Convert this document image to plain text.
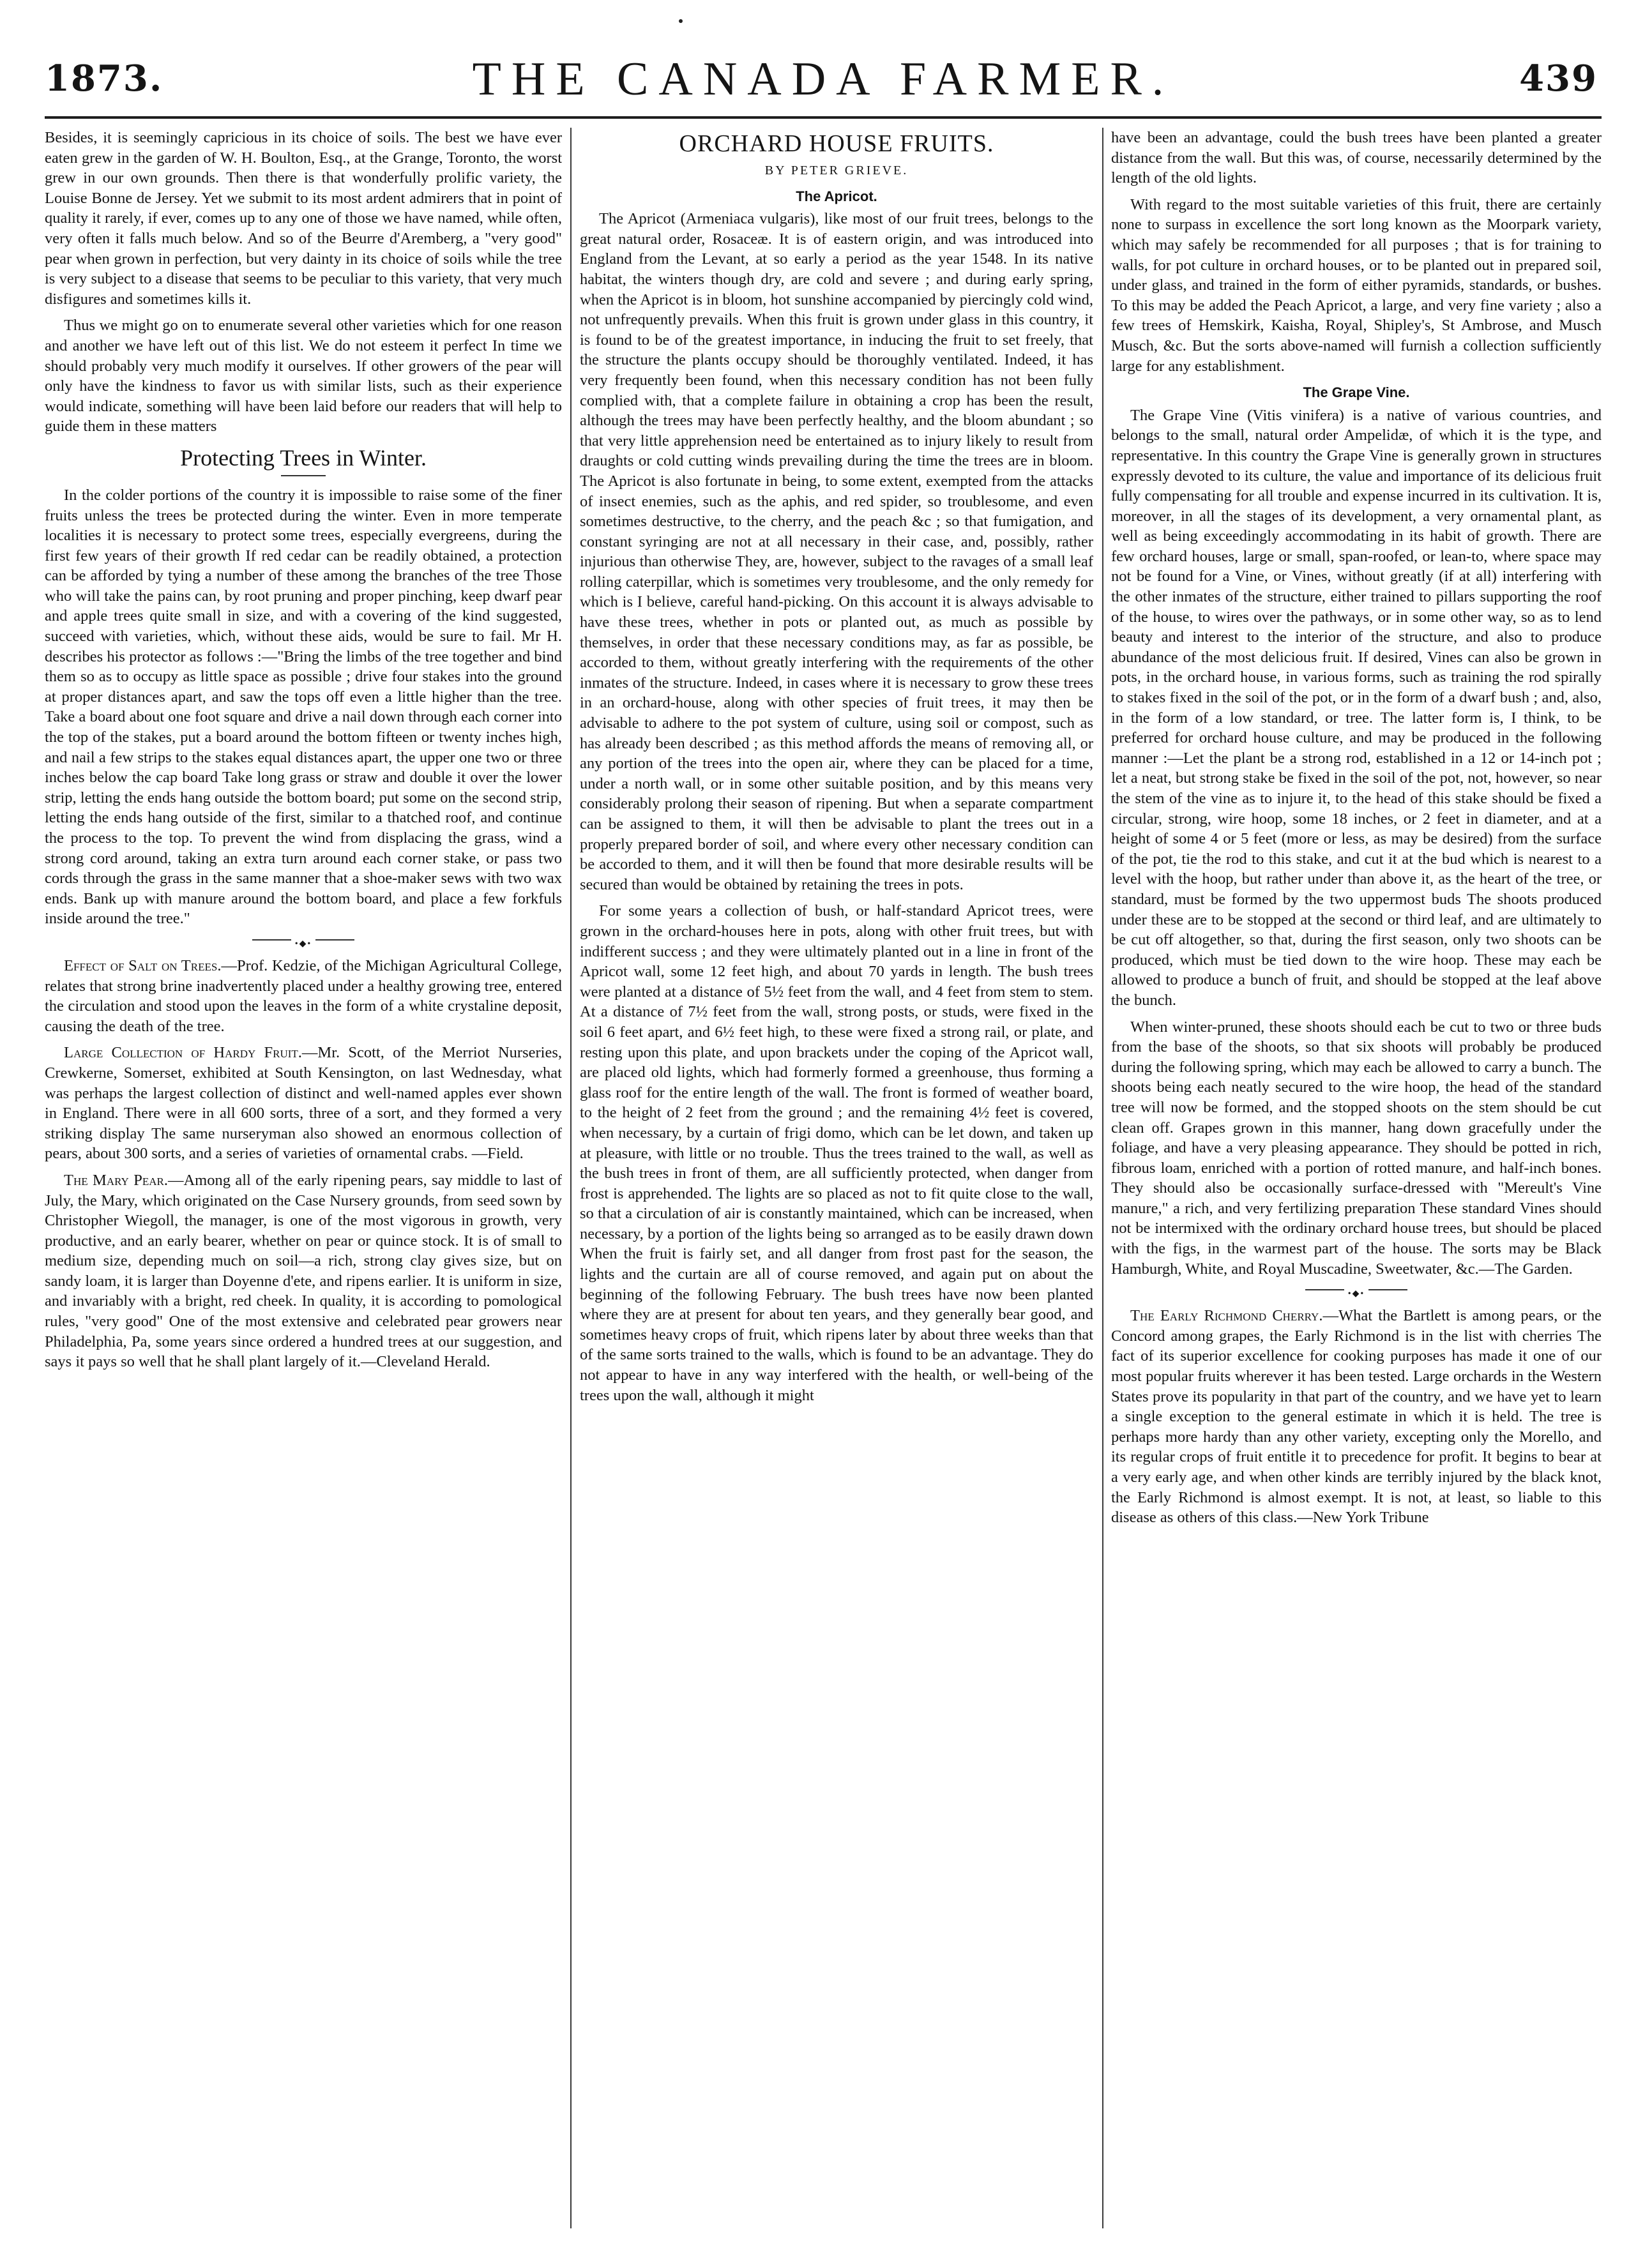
1873.	THE CANADA FARMER.	439

Besides, it is seemingly capricious in its choice of soils. The best we have ever eaten grew in the garden of W. H. Boulton, Esq., at the Grange, Toronto, the worst grew in our own grounds. Then there is that wonderfully prolific variety, the Louise Bonne de Jersey. Yet we submit to its most ardent admirers that in point of quality it rarely, if ever, comes up to any one of those we have named, while often, very often it falls much below. And so of the Beurre d'Aremberg, a "very good" pear when grown in perfection, but very dainty in its choice of soils while the tree is very subject to a disease that seems to be peculiar to this variety, that very much disfigures and sometimes kills it.

Thus we might go on to enumerate several other varieties which for one reason and another we have left out of this list. We do not esteem it perfect In time we should probably very much modify it ourselves. If other growers of the pear will only have the kindness to favor us with similar lists, such as their experience would indicate, something will have been laid before our readers that will help to guide them in these matters

Protecting Trees in Winter.

In the colder portions of the country it is impossible to raise some of the finer fruits unless the trees be protected during the winter. Even in more temperate localities it is necessary to protect some trees, especially evergreens, during the first few years of their growth If red cedar can be readily obtained, a protection can be afforded by tying a number of these among the branches of the tree Those who will take the pains can, by root pruning and proper pinching, keep dwarf pear and apple trees quite small in size, and with a covering of the kind suggested, succeed with varieties, which, without these aids, would be sure to fail. Mr H. describes his protector as follows :—"Bring the limbs of the tree together and bind them so as to occupy as little space as possible ; drive four stakes into the ground at proper distances apart, and saw the tops off even a little higher than the tree. Take a board about one foot square and drive a nail down through each corner into the top of the stakes, put a board around the bottom fifteen or twenty inches high, and nail a few strips to the stakes equal distances apart, the upper one two or three inches below the cap board Take long grass or straw and double it over the lower strip, letting the ends hang outside the bottom board; put some on the second strip, letting the ends hang outside of the first, similar to a thatched roof, and continue the process to the top. To prevent the wind from displacing the grass, wind a strong cord around, taking an extra turn around each corner stake, or pass two cords through the grass in the same manner that a shoe-maker sews with two wax ends. Bank up with manure around the bottom board, and place a few forkfuls inside around the tree."

•◆•

Effect of Salt on Trees.—Prof. Kedzie, of the Michigan Agricultural College, relates that strong brine inadvertently placed under a healthy growing tree, entered the circulation and stood upon the leaves in the form of a white crystaline deposit, causing the death of the tree.

Large Collection of Hardy Fruit.—Mr. Scott, of the Merriot Nurseries, Crewkerne, Somerset, exhibited at South Kensington, on last Wednesday, what was perhaps the largest collection of distinct and well-named apples ever shown in England. There were in all 600 sorts, three of a sort, and they formed a very striking display The same nurseryman also showed an enormous collection of pears, about 300 sorts, and a series of varieties of ornamental crabs. —Field.

The Mary Pear.—Among all of the early ripening pears, say middle to last of July, the Mary, which originated on the Case Nursery grounds, from seed sown by Christopher Wiegoll, the manager, is one of the most vigorous in growth, very productive, and an early bearer, whether on pear or quince stock. It is of small to medium size, depending much on soil—a rich, strong clay gives size, but on sandy loam, it is larger than Doyenne d'ete, and ripens earlier. It is uniform in size, and invariably with a bright, red cheek. In quality, it is according to pomological rules, "very good" One of the most extensive and celebrated pear growers near Philadelphia, Pa, some years since ordered a hundred trees at our suggestion, and says it pays so well that he shall plant largely of it.—Cleveland Herald.

ORCHARD HOUSE FRUITS.
BY PETER GRIEVE.
The Apricot.

The Apricot (Armeniaca vulgaris), like most of our fruit trees, belongs to the great natural order, Rosaceæ. It is of eastern origin, and was introduced into England from the Levant, at so early a period as the year 1548. In its native habitat, the winters though dry, are cold and severe ; and during early spring, when the Apricot is in bloom, hot sunshine accompanied by piercingly cold wind, not unfrequently prevails. When this fruit is grown under glass in this country, it is found to be of the greatest importance, in inducing the fruit to set freely, that the structure the plants occupy should be thoroughly ventilated. Indeed, it has very frequently been found, when this necessary condition has not been fully complied with, that a complete failure in obtaining a crop has been the result, although the trees may have been perfectly healthy, and the bloom abundant ; so that very little apprehension need be entertained as to injury likely to result from draughts or cold cutting winds prevailing during the time the trees are in bloom. The Apricot is also fortunate in being, to some extent, exempted from the attacks of insect enemies, such as the aphis, and red spider, so troublesome, and even sometimes destructive, to the cherry, and the peach &c ; so that fumigation, and constant syringing are not at all necessary in their case, and, possibly, rather injurious than otherwise They, are, however, subject to the ravages of a small leaf rolling caterpillar, which is sometimes very troublesome, and the only remedy for which is I believe, careful hand-picking. On this account it is always advisable to have these trees, whether in pots or planted out, as much as possible by themselves, in order that these necessary conditions may, as far as possible, be accorded to them, without greatly interfering with the requirements of the other inmates of the structure. Indeed, in cases where it is necessary to grow these trees in an orchard-house, along with other species of fruit trees, it may then be advisable to adhere to the pot system of culture, using soil or compost, such as has already been described ; as this method affords the means of removing all, or any portion of the trees into the open air, where they can be placed for a time, under a north wall, or in some other suitable position, and by this means very considerably prolong their season of ripening. But when a separate compartment can be assigned to them, it will then be advisable to plant the trees out in a properly prepared border of soil, and where every other necessary condition can be accorded to them, and it will then be found that more desirable results will be secured than would be obtained by retaining the trees in pots.

For some years a collection of bush, or half-standard Apricot trees, were grown in the orchard-houses here in pots, along with other fruit trees, but with indifferent success ; and they were ultimately planted out in a line in front of the Apricot wall, some 12 feet high, and about 70 yards in length. The bush trees were planted at a distance of 5½ feet from the wall, and 4 feet from stem to stem. At a distance of 7½ feet from the wall, strong posts, or studs, were fixed in the soil 6 feet apart, and 6½ feet high, to these were fixed a strong rail, or plate, and resting upon this plate, and upon brackets under the coping of the Apricot wall, are placed old lights, which had formerly formed a greenhouse, thus forming a glass roof for the entire length of the wall. The front is formed of weather board, to the height of 2 feet from the ground ; and the remaining 4½ feet is covered, when necessary, by a curtain of frigi domo, which can be let down, and taken up at pleasure, with little or no trouble. Thus the trees trained to the wall, as well as the bush trees in front of them, are all sufficiently protected, when danger from frost is apprehended. The lights are so placed as not to fit quite close to the wall, so that a circulation of air is constantly maintained, which can be increased, when necessary, by a portion of the lights being so arranged as to be easily drawn down When the fruit is fairly set, and all danger from frost past for the season, the lights and the curtain are all of course removed, and again put on about the beginning of the following February. The bush trees have now been planted where they are at present for about ten years, and they generally bear good, and sometimes heavy crops of fruit, which ripens later by about three weeks than that of the same sorts trained to the walls, which is found to be an advantage. They do not appear to have in any way interfered with the health, or well-being of the trees upon the wall, although it might

have been an advantage, could the bush trees have been planted a greater distance from the wall. But this was, of course, necessarily determined by the length of the old lights.

With regard to the most suitable varieties of this fruit, there are certainly none to surpass in excellence the sort long known as the Moorpark variety, which may safely be recommended for all purposes ; that is for training to walls, for pot culture in orchard houses, or to be planted out in prepared soil, under glass, and trained in the form of either pyramids, standards, or bushes. To this may be added the Peach Apricot, a large, and very fine variety ; also a few trees of Hemskirk, Kaisha, Royal, Shipley's, St Ambrose, and Musch Musch, &c. But the sorts above-named will furnish a collection sufficiently large for any establishment.

The Grape Vine.

The Grape Vine (Vitis vinifera) is a native of various countries, and belongs to the small, natural order Ampelidæ, of which it is the type, and representative. In this country the Grape Vine is generally grown in structures expressly devoted to its culture, the value and importance of its delicious fruit fully compensating for all trouble and expense incurred in its cultivation. It is, moreover, in all the stages of its development, a very ornamental plant, as well as being exceedingly accommodating in its habit of growth. There are few orchard houses, large or small, span-roofed, or lean-to, where space may not be found for a Vine, or Vines, without greatly (if at all) interfering with the other inmates of the structure, either trained to pillars supporting the roof of the house, to wires over the pathways, or in some other way, so as to lend beauty and interest to the interior of the structure, and also to produce abundance of the most delicious fruit. If desired, Vines can also be grown in pots, in the orchard house, in various forms, such as training the rod spirally to stakes fixed in the soil of the pot, or in the form of a dwarf bush ; and, also, in the form of a low standard, or tree. The latter form is, I think, to be preferred for orchard house culture, and may be produced in the following manner :—Let the plant be a strong rod, established in a 12 or 14-inch pot ; let a neat, but strong stake be fixed in the soil of the pot, not, however, so near the stem of the vine as to injure it, to the head of this stake should be fixed a circular, strong, wire hoop, some 18 inches, or 2 feet in diameter, and at a height of some 4 or 5 feet (more or less, as may be desired) from the surface of the pot, tie the rod to this stake, and cut it at the bud which is nearest to a level with the hoop, but rather under than above it, as the heart of the tree, or standard, must be formed by the two uppermost buds The shoots produced under these are to be stopped at the second or third leaf, and are ultimately to be cut off altogether, so that, during the first season, only two shoots can be produced, which must be tied down to the wire hoop. These may each be allowed to produce a bunch of fruit, and should be stopped at the leaf above the bunch.

When winter-pruned, these shoots should each be cut to two or three buds from the base of the shoots, so that six shoots will probably be produced during the following spring, which may each be allowed to carry a bunch. The shoots being each neatly secured to the wire hoop, the head of the standard tree will now be formed, and the stopped shoots on the stem should be cut clean off. Grapes grown in this manner, hang down gracefully under the foliage, and have a very pleasing appearance. They should be potted in rich, fibrous loam, enriched with a portion of rotted manure, and half-inch bones. They should also be occasionally surface-dressed with "Mereult's Vine manure," a rich, and very fertilizing preparation These standard Vines should not be intermixed with the ordinary orchard house trees, but should be placed with the figs, in the warmest part of the house. The sorts may be Black Hamburgh, White, and Royal Muscadine, Sweetwater, &c.—The Garden.

•◆•

The Early Richmond Cherry.—What the Bartlett is among pears, or the Concord among grapes, the Early Richmond is in the list with cherries The fact of its superior excellence for cooking purposes has made it one of our most popular fruits wherever it has been tested. Large orchards in the Western States prove its popularity in that part of the country, and we have yet to learn a single exception to the general estimate in which it is held. The tree is perhaps more hardy than any other variety, excepting only the Morello, and its regular crops of fruit entitle it to precedence for profit. It begins to bear at a very early age, and when other kinds are terribly injured by the black knot, the Early Richmond is almost exempt. It is not, at least, so liable to this disease as others of this class.—New York Tribune
